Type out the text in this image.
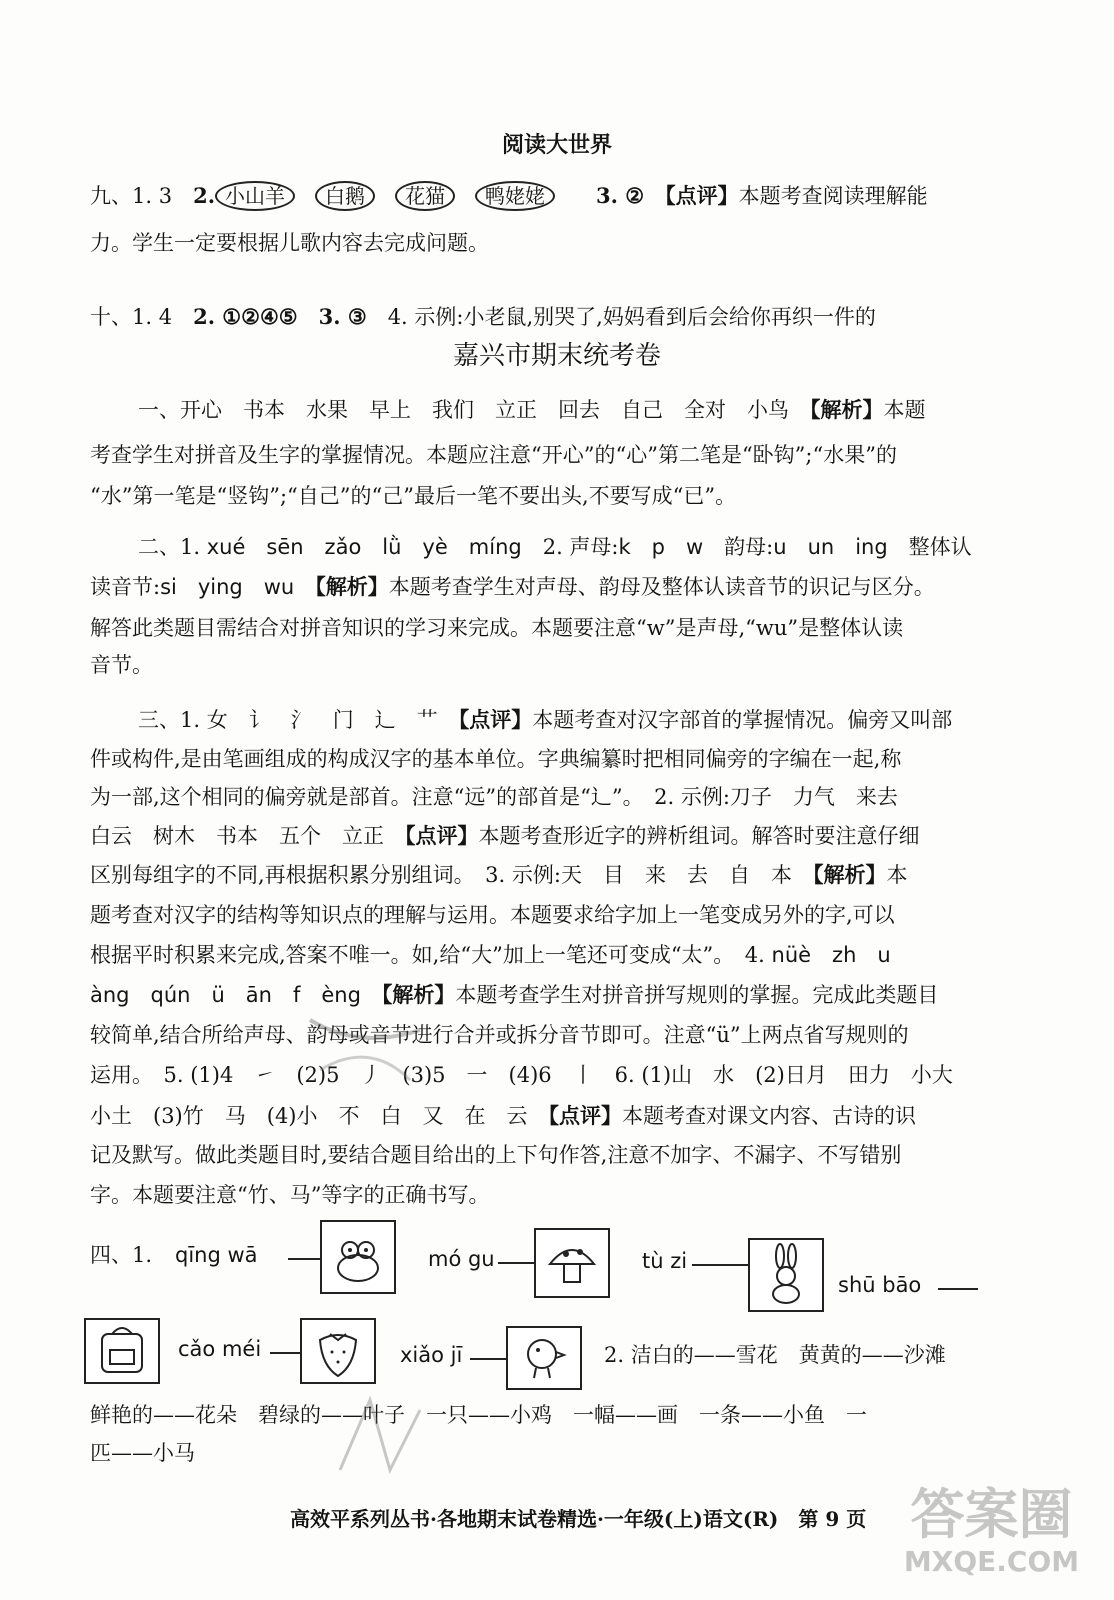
阅读大世界
九、1. 3　 2. 小山羊 白鹅 花猫 鸭姥姥　 3. ②　 【点评】本题考查阅读理解能
力。学生一定要根据儿歌内容去完成问题。
十、1. 4　 2. ①②④⑤　 3. ③　 4. 示例:小老鼠,别哭了,妈妈看到后会给你再织一件的
嘉兴市期末统考卷
一、开心　书本　水果　早上　我们　立正　回去　自己　全对　小鸟　 【解析】本题
考查学生对拼音及生字的掌握情况。本题应注意“开心”的“心”第二笔是“卧钩”;“水果”的
“水”第一笔是“竖钩”;“自己”的“己”最后一笔不要出头,不要写成“已”。
二、1. xué　sēn　zǎo　lǜ　yè　míng　2. 声母:k　p　w　韵母:u　un　ing　整体认
读音节:si　ying　wu　 【解析】本题考查学生对声母、韵母及整体认读音节的识记与区分。
解答此类题目需结合对拼音知识的学习来完成。本题要注意“w”是声母,“wu”是整体认读
音节。
三、1. 女　讠　氵　门　辶　艹　 【点评】本题考查对汉字部首的掌握情况。偏旁又叫部
件或构件,是由笔画组成的构成汉字的基本单位。字典编纂时把相同偏旁的字编在一起,称
为一部,这个相同的偏旁就是部首。注意“远”的部首是“辶”。　2. 示例:刀子　力气　来去
白云　树木　书本　五个　立正　 【点评】本题考查形近字的辨析组词。解答时要注意仔细
区别每组字的不同,再根据积累分别组词。　3. 示例:天　目　来　去　自　本　 【解析】本
题考查对汉字的结构等知识点的理解与运用。本题要求给字加上一笔变成另外的字,可以
根据平时积累来完成,答案不唯一。如,给“大”加上一笔还可变成“太”。　4. nüè　zh　u
àng　qún　ü　ān　f　èng　 【解析】本题考查学生对拼音拼写规则的掌握。完成此类题目
较简单,结合所给声母、韵母或音节进行合并或拆分音节即可。注意“ü”上两点省写规则的
运用。　5. (1)4　㇀　(2)5　丿　(3)5　一　(4)6　丨　6. (1)山　水　(2)日月　田力　小大
小土　(3)竹　马　(4)小　不　白　又　在　云　 【点评】本题考查对课文内容、古诗的识
记及默写。做此类题目时,要结合题目给出的上下句作答,注意不加字、不漏字、不写错别
字。本题要注意“竹、马”等字的正确书写。
四、1. qīng wā	mó gu	tù zi
shū bāo
cǎo méi	xiǎo jī	2. 洁白的——雪花　黄黄的——沙滩
鲜艳的——花朵　碧绿的——叶子　一只——小鸡　一幅——画　一条——小鱼　一
匹——小马
高效平系列丛书·各地期末试卷精选·一年级(上)语文(R)　第 9 页 答案圈
MXQE.COM
